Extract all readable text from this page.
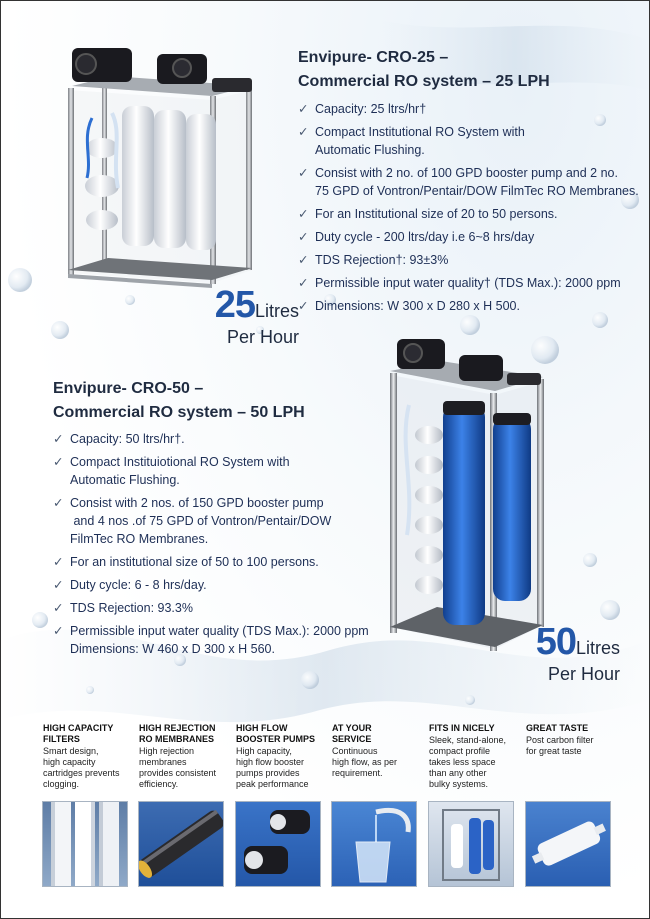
Envipure- CRO-25 –
Commercial RO system – 25 LPH
✓ Capacity: 25 ltrs/hr†
✓ Compact Institutional RO System with
Automatic Flushing.
✓ Consist with 2 no. of 100 GPD booster pump and 2 no.
75 GPD of Vontron/Pentair/DOW FilmTec RO Membranes.
✓ For an Institutional size of 20 to 50 persons.
✓ Duty cycle - 200 ltrs/day i.e 6~8 hrs/day
✓ TDS Rejection†: 93±3%
✓ Permissible input water quality† (TDS Max.): 2000 ppm
✓ Dimensions: W 300 x D 280 x H 500.
25Litres
Per Hour
Envipure- CRO-50 –
Commercial RO system – 50 LPH
✓ Capacity: 50 ltrs/hr†.
✓ Compact Instituiotional RO System with
Automatic Flushing.
✓ Consist with 2 nos. of 150 GPD booster pump
and 4 nos .of 75 GPD of Vontron/Pentair/DOW
FilmTec RO Membranes.
✓ For an institutional size of 50 to 100 persons.
✓ Duty cycle: 6 - 8 hrs/day.
✓ TDS Rejection: 93.3%
✓ Permissible input water quality (TDS Max.): 2000 ppm
Dimensions: W 460 x D 300 x H 560.	50Litres
Per Hour
HIGH CAPACITY
FILTERS
Smart design,
high capacity
cartridges prevents
clogging.
HIGH REJECTION
RO MEMBRANES
High rejection
membranes
provides consistent
efficiency.
HIGH FLOW
BOOSTER PUMPS
High capacity,
high flow booster
pumps provides
peak performance
AT YOUR
SERVICE
Continuous
high flow, as per
requirement.
FITS IN NICELY
Sleek, stand-alone,
compact profile
takes less space
than any other
bulky systems.
GREAT TASTE
Post carbon filter
for great taste
